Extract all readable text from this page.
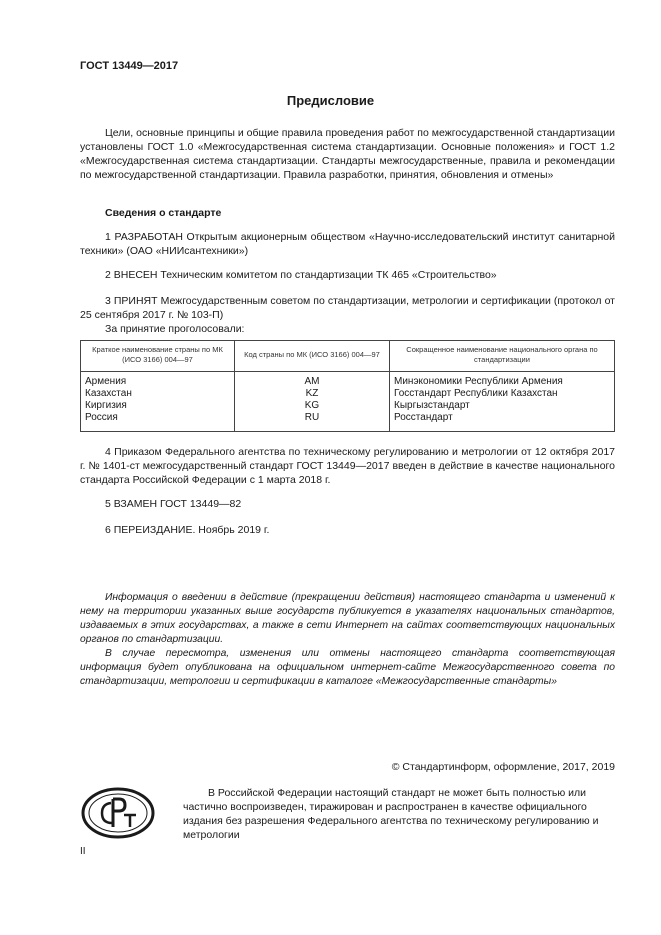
ГОСТ 13449—2017
Предисловие

Цели, основные принципы и общие правила проведения работ по межгосударственной стандартизации установлены ГОСТ 1.0 «Межгосударственная система стандартизации. Основные положения» и ГОСТ 1.2 «Межгосударственная система стандартизации. Стандарты межгосударственные, правила и рекомендации по межгосударственной стандартизации. Правила разработки, принятия, обновления и отмены»

Сведения о стандарте

1 РАЗРАБОТАН Открытым акционерным обществом «Научно-исследовательский институт санитарной техники» (ОАО «НИИсантехники»)

2 ВНЕСЕН Техническим комитетом по стандартизации ТК 465 «Строительство»

3 ПРИНЯТ Межгосударственным советом по стандартизации, метрологии и сертификации (протокол от 25 сентября 2017 г. № 103-П)

За принятие проголосовали:

Краткое наименование страны по МК (ИСО 3166) 004—97	Код страны по МК (ИСО 3166) 004—97	Сокращенное наименование национального органа по стандартизации
Армения	AM	Минэкономики Республики Армения
Казахстан	KZ	Госстандарт Республики Казахстан
Киргизия	KG	Кыргызстандарт
Россия	RU	Росстандарт

4 Приказом Федерального агентства по техническому регулированию и метрологии от 12 октября 2017 г. № 1401-ст межгосударственный стандарт ГОСТ 13449—2017 введен в действие в качестве национального стандарта Российской Федерации с 1 марта 2018 г.

5 ВЗАМЕН ГОСТ 13449—82

6 ПЕРЕИЗДАНИЕ. Ноябрь 2019 г.

Информация о введении в действие (прекращении действия) настоящего стандарта и изменений к нему на территории указанных выше государств публикуется в указателях национальных стандартов, издаваемых в этих государствах, а также в сети Интернет на сайтах соответствующих национальных органов по стандартизации.

В случае пересмотра, изменения или отмены настоящего стандарта соответствующая информация будет опубликована на официальном интернет-сайте Межгосударственного совета по стандартизации, метрологии и сертификации в каталоге «Межгосударственные стандарты»

© Стандартинформ, оформление, 2017, 2019

В Российской Федерации настоящий стандарт не может быть полностью или частично воспроизведен, тиражирован и распространен в качестве официального издания без разрешения Федерального агентства по техническому регулированию и метрологии

II
